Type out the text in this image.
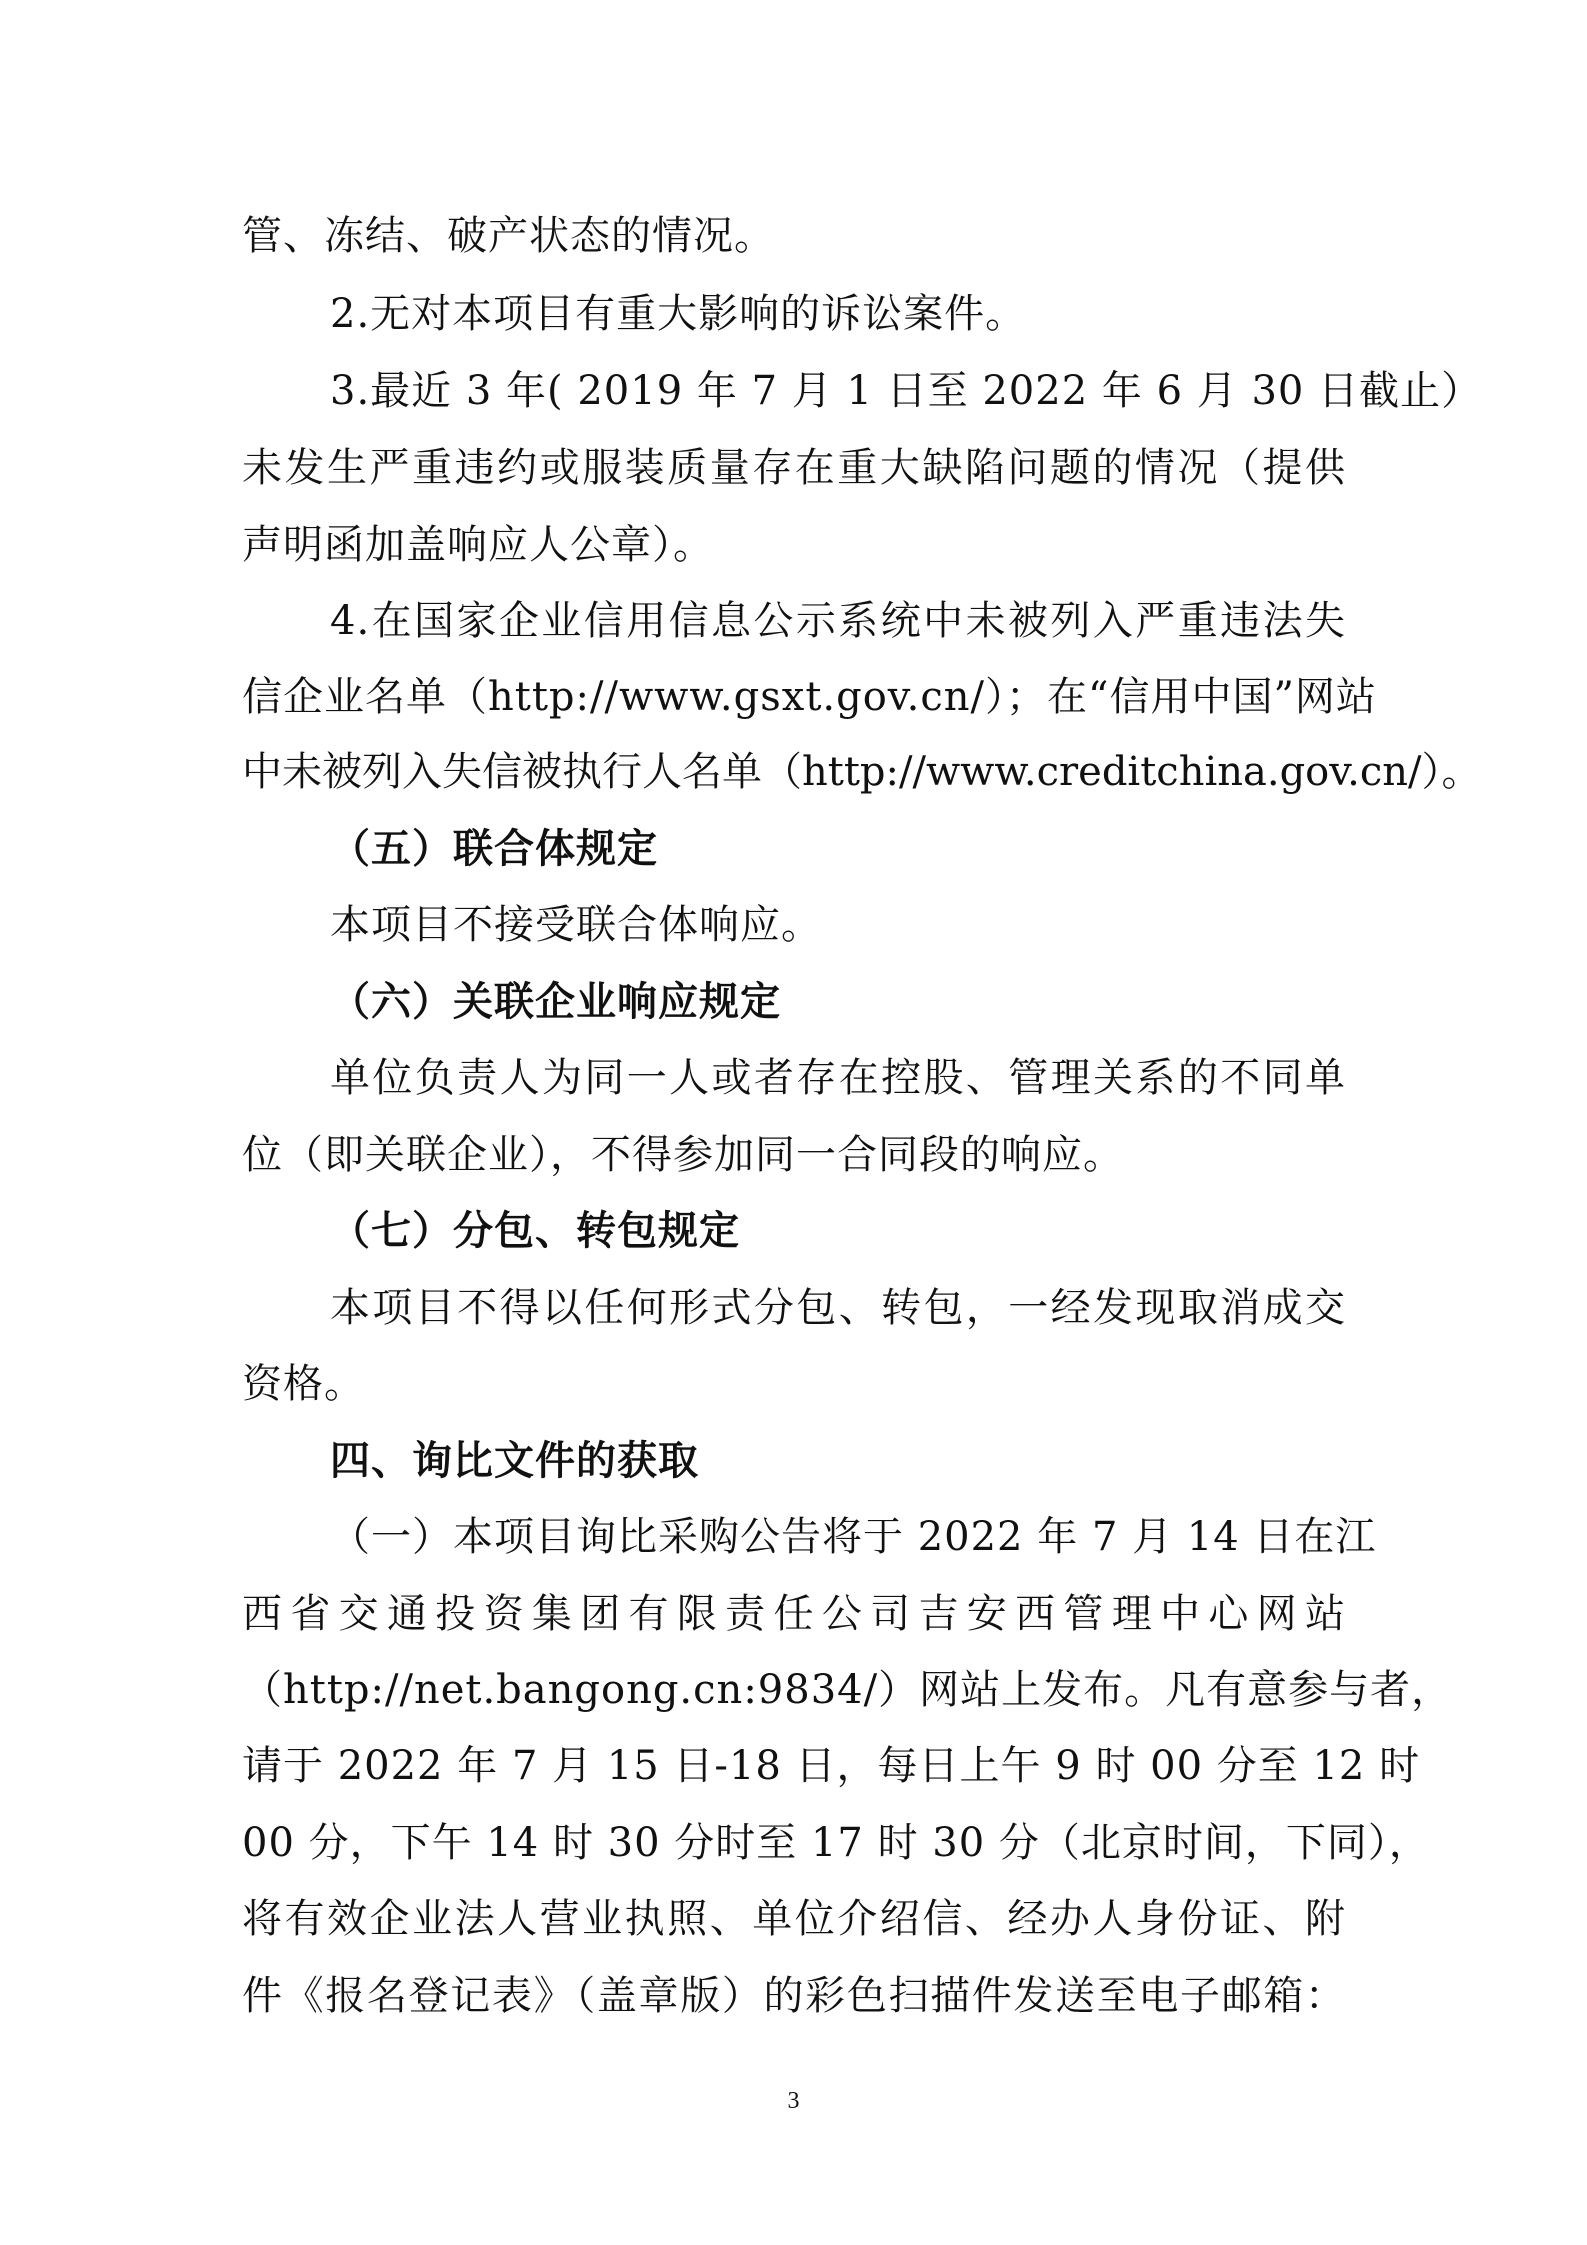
管、冻结、破产状态的情况。
2.无对本项目有重大影响的诉讼案件。
3.最近 3 年( 2019 年 7 月 1 日至 2022 年 6 月 30 日截止）
未发生严重违约或服装质量存在重大缺陷问题的情况（提供
声明函加盖响应人公章）。
4.在国家企业信用信息公示系统中未被列入严重违法失
信企业名单（http://www.gsxt.gov.cn/）；在“信用中国”网站
中未被列入失信被执行人名单（http://www.creditchina.gov.cn/）。
（五）联合体规定
本项目不接受联合体响应。
（六）关联企业响应规定
单位负责人为同一人或者存在控股、管理关系的不同单
位（即关联企业），不得参加同一合同段的响应。
（七）分包、转包规定
本项目不得以任何形式分包、转包，一经发现取消成交
资格。
四、询比文件的获取
（一）本项目询比采购公告将于 2022 年 7 月 14 日在江
西省交通投资集团有限责任公司吉安西管理中心网站
（http://net.bangong.cn:9834/）网站上发布。凡有意参与者，
请于 2022 年 7 月 15 日-18 日，每日上午 9 时 00 分至 12 时
00 分，下午 14 时 30 分时至 17 时 30 分（北京时间，下同），
将有效企业法人营业执照、单位介绍信、经办人身份证、附
件《报名登记表》（盖章版）的彩色扫描件发送至电子邮箱：
3
